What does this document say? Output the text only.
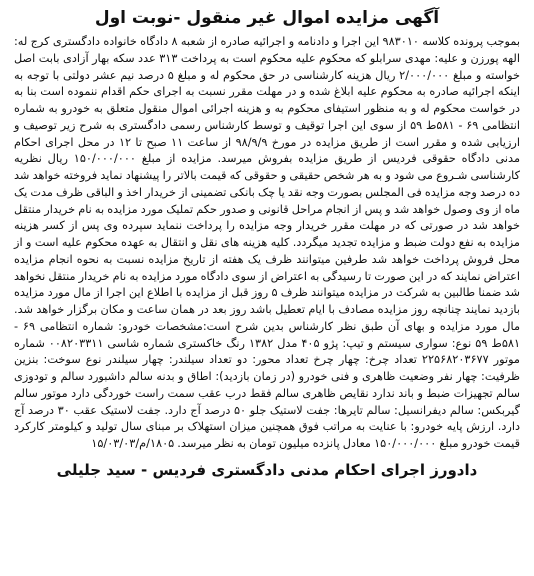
آگهی مزایده اموال غیر منقول -نوبت اول

بموجب پرونده کلاسه ۹۸۳۰۱۰ این اجرا و دادنامه و اجرائیه صادره از شعبه ۸ دادگاه خانواده دادگستری کرج له: الهه پورزن و علیه: مهدی سرابلو که محکوم علیه محکوم است به پرداخت ۳۱۳ عدد سکه بهار آزادی بابت اصل خواسته و مبلغ ۲/۰۰۰/۰۰۰ ریال هزینه کارشناسی در حق محکوم له و مبلغ ۵ درصد نیم عشر دولتی با توجه به اینکه اجرائیه صادره به محکوم علیه ابلاغ شده و در مهلت مقرر نسبت به اجرای حکم اقدام ننموده است بنا به در خواست محکوم له و به منظور استیفای محکوم به و هزینه اجرائی اموال منقول متعلق به خودرو به شماره انتظامی ۶۹ - ۵۸۱ط ۵۹ از سوی این اجرا توقیف و توسط کارشناس رسمی دادگستری به شرح زیر توصیف و ارزیابی شده و مقرر است از طریق مزایده در مورخ ۹۸/۹/۹ از ساعت ۱۱ صبح تا ۱۲ در محل اجرای احکام مدنی دادگاه حقوقی فردیس از طریق مزایده بفروش میرسد. مزایده از مبلغ ۱۵۰/۰۰۰/۰۰۰ ریال نظریه کارشناسی شـروع می شود و به هر شخص حقیقی و حقوقی که قیمت بالاتر را پیشنهاد نماید فروخته خواهد شد ده درصد وجه مزایده فی المجلس بصورت وجه نقد یا چک بانکی تضمینی از خریدار اخذ و الباقی ظرف مدت یک ماه از وی وصول خواهد شد و پس از انجام مراحل قانونی و صدور حکم تملیک مورد مزایده به نام خریدار منتقل خواهد شد در صورتی که در مهلت مقرر خریدار وجه مزایده را پرداخت ننماید سپرده وی پس از کسر هزینه مزایده به نفع دولت ضبط و مزایده تجدید میگردد. کلیه هزینه های نقل و انتقال به عهده محکوم علیه است و از محل فروش پرداخت خواهد شد طرفین میتوانند ظرف یک هفته از تاریخ مزایده نسبت به نحوه انجام مزایده اعتراض نمایند که در این صورت تا رسیدگی به اعتراض از سوی دادگاه مورد مزایده به نام خریدار منتقل نخواهد شد ضمنا طالبین به شرکت در مزایده میتوانند ظرف ۵ روز قبل از مزایده با اطلاع این اجرا از مال مورد مزایده بازدید نمایند چنانچه روز مزایده مصادف با ایام تعطیل باشد روز بعد در همان ساعت و مکان برگزار خواهد شد. مال مورد مزایده و بهای آن طبق نظر کارشناس بدین شرح است:مشخصات خودرو: شماره انتظامی ۶۹ - ۵۸۱ط ۵۹ نوع: سواری سیستم و تیپ: پژو ۴۰۵ مدل ۱۳۸۲ رنگ خاکستری شماره شاسی ۰۰۸۲۰۳۳۱۱ شماره موتور ۲۲۵۶۸۲۰۳۶۷۷ تعداد چرخ: چهار چرخ تعداد محور: دو تعداد سیلندر: چهار سیلندر نوع سوخت: بنزین ظرفیت: چهار نفر وضعیت ظاهری و فنی خودرو (در زمان بازدید): اطاق و بدنه سالم داشبورد سالم و تودوزی سالم تجهیزات ضبط و باند ندارد نقایص ظاهری سالم فقط درب عقب سمت راست خوردگی دارد موتور سالم گیربکس: سالم دیفرانسیل: سالم تایرها: جفت لاستیک جلو ۵۰ درصد آج دارد. جفت لاستیک عقب ۳۰ درصد آج دارد. ارزش پایه خودرو: با عنایت به مراتب فوق همچنین میزان استهلاک بر مبنای سال تولید و کیلومتر کارکرد قیمت خودرو مبلغ ۱۵۰/۰۰۰/۰۰۰ معادل پانزده میلیون تومان به نظر میرسد. ۱۸۰۵/م/۱۵/۰۳/۰۳

دادورز اجرای احکام مدنی دادگستری فردیس - سید جلیلی
